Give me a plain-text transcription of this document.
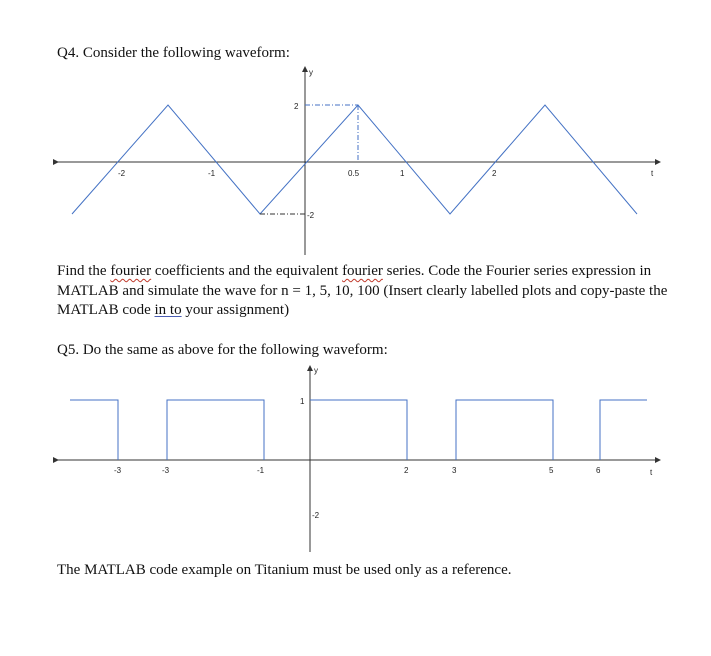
Q4. Consider the following waveform:
y
t
-2	-1	0.5	1	2
2
-2
Find the fourier coefficients and the equivalent fourier series. Code the Fourier series expression in MATLAB and simulate the wave for n = 1, 5, 10, 100 (Insert clearly labelled plots and copy-paste the MATLAB code in to your assignment)
Q5. Do the same as above for the following waveform:
y
t
-3	-3	-1	2	3	5	6
1
-2
The MATLAB code example on Titanium must be used only as a reference.
